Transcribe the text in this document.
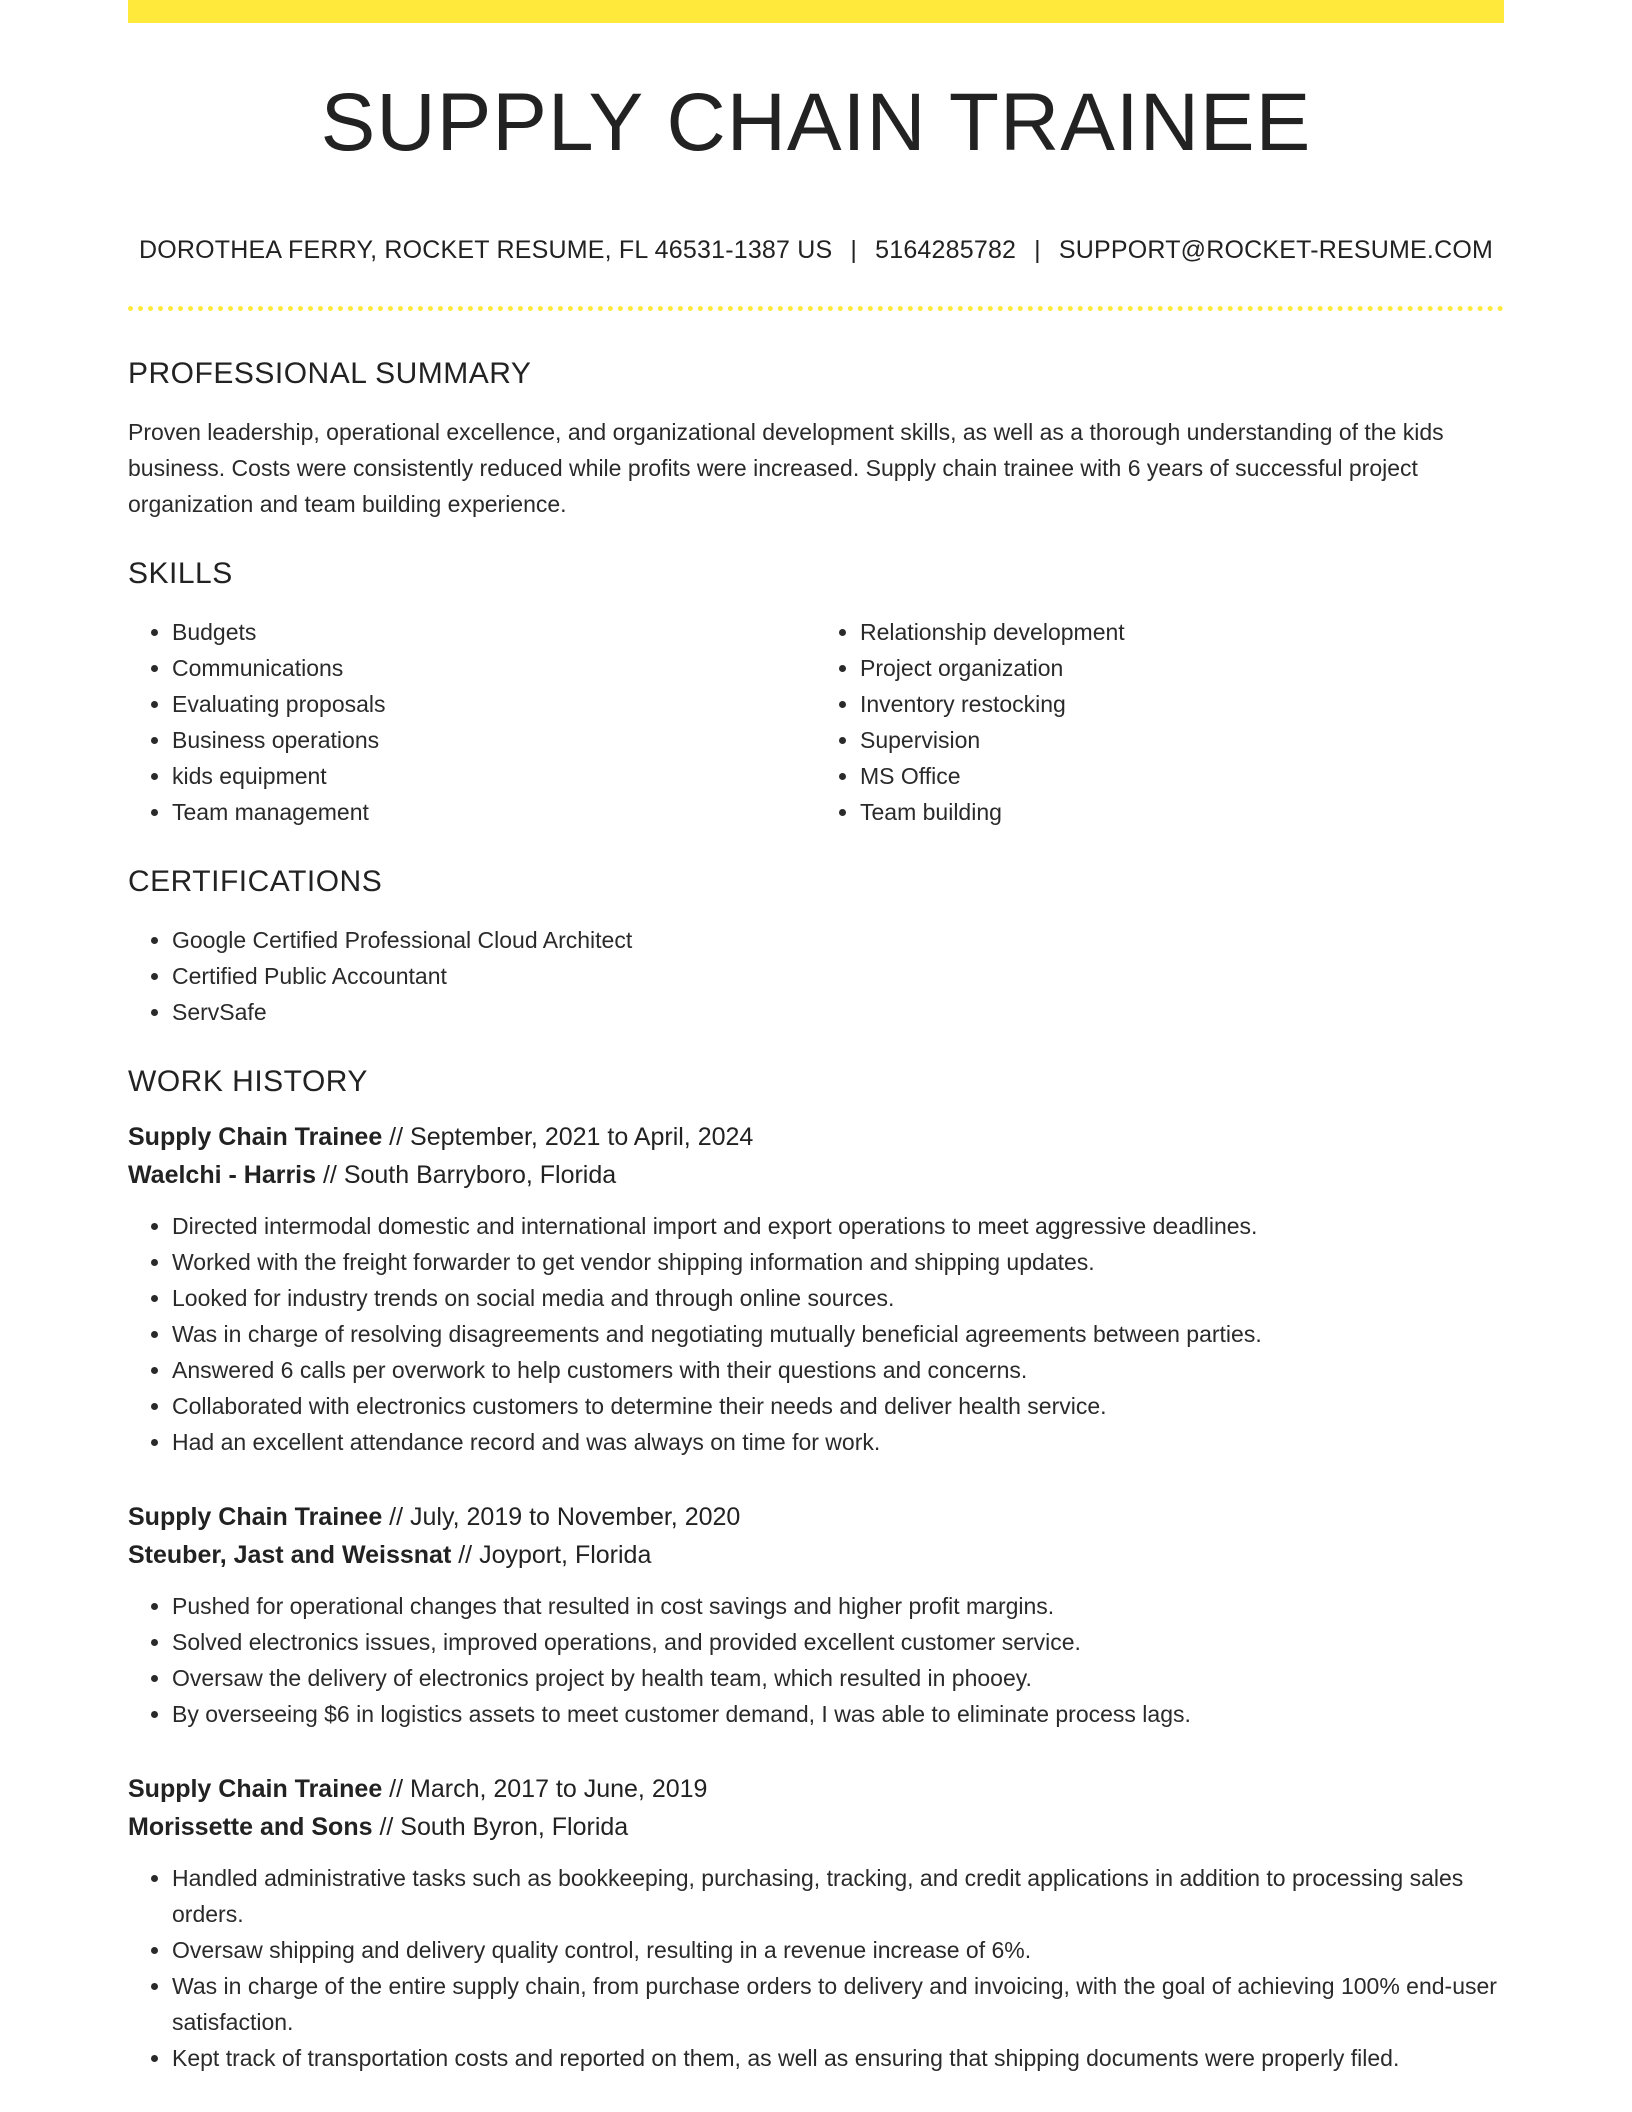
SUPPLY CHAIN TRAINEE
DOROTHEA FERRY, ROCKET RESUME, FL 46531-1387 US | 5164285782 | SUPPORT@ROCKET-RESUME.COM
PROFESSIONAL SUMMARY

Proven leadership, operational excellence, and organizational development skills, as well as a thorough understanding of the kids business. Costs were consistently reduced while profits were increased. Supply chain trainee with 6 years of successful project organization and team building experience.

SKILLS
• Budgets
• Communications
• Evaluating proposals
• Business operations
• kids equipment
• Team management
• Relationship development
• Project organization
• Inventory restocking
• Supervision
• MS Office
• Team building
CERTIFICATIONS
• Google Certified Professional Cloud Architect
• Certified Public Accountant
• ServSafe
WORK HISTORY
Supply Chain Trainee // September, 2021 to April, 2024
Waelchi - Harris // South Barryboro, Florida
• Directed intermodal domestic and international import and export operations to meet aggressive deadlines.
• Worked with the freight forwarder to get vendor shipping information and shipping updates.
• Looked for industry trends on social media and through online sources.
• Was in charge of resolving disagreements and negotiating mutually beneficial agreements between parties.
• Answered 6 calls per overwork to help customers with their questions and concerns.
• Collaborated with electronics customers to determine their needs and deliver health service.
• Had an excellent attendance record and was always on time for work.
Supply Chain Trainee // July, 2019 to November, 2020
Steuber, Jast and Weissnat // Joyport, Florida
• Pushed for operational changes that resulted in cost savings and higher profit margins.
• Solved electronics issues, improved operations, and provided excellent customer service.
• Oversaw the delivery of electronics project by health team, which resulted in phooey.
• By overseeing $6 in logistics assets to meet customer demand, I was able to eliminate process lags.
Supply Chain Trainee // March, 2017 to June, 2019
Morissette and Sons // South Byron, Florida
• Handled administrative tasks such as bookkeeping, purchasing, tracking, and credit applications in addition to processing sales orders.
• Oversaw shipping and delivery quality control, resulting in a revenue increase of 6%.
• Was in charge of the entire supply chain, from purchase orders to delivery and invoicing, with the goal of achieving 100% end-user satisfaction.
• Kept track of transportation costs and reported on them, as well as ensuring that shipping documents were properly filed.
